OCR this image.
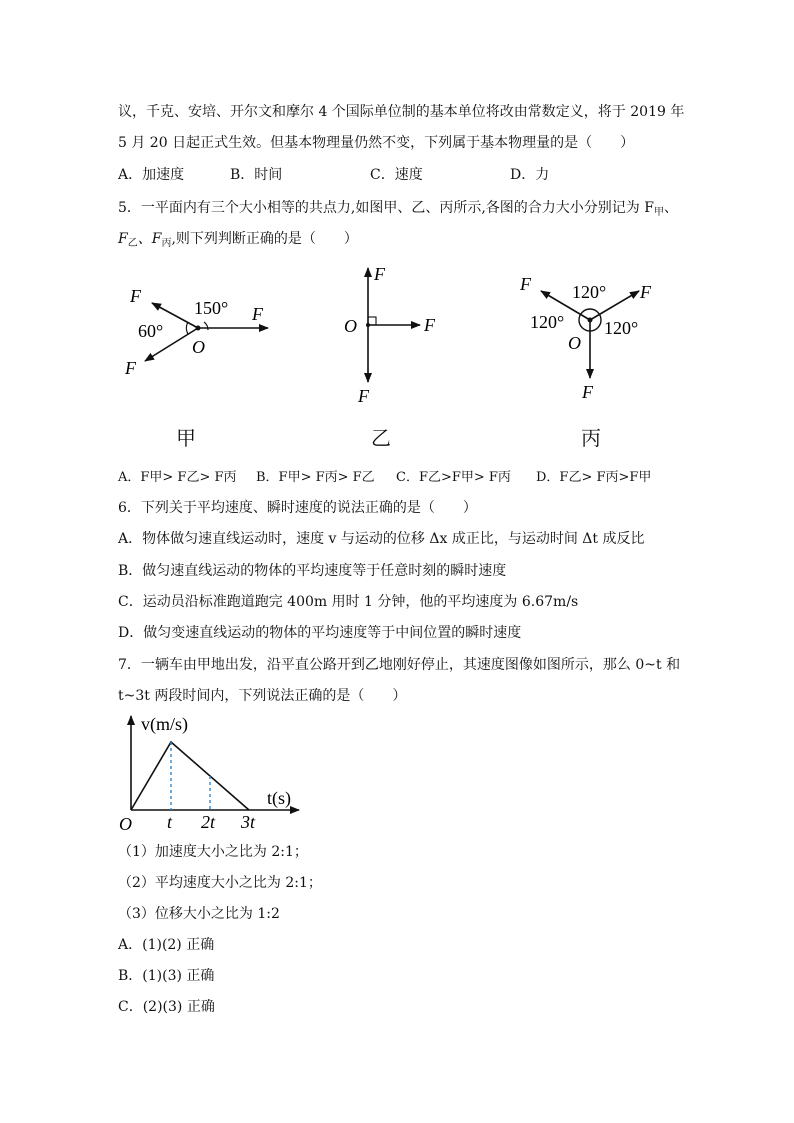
议，千克、安培、开尔文和摩尔 4 个国际单位制的基本单位将改由常数定义，将于 2019 年
5 月 20 日起正式生效。但基本物理量仍然不变，下列属于基本物理量的是（　　）
A．加速度	B．时间	C．速度	D．力
5．一平面内有三个大小相等的共点力,如图甲、乙、丙所示,各图的合力大小分别记为 $F_甲$、
$F_乙$、$F_丙$,则下列判断正确的是（　　）
F
F
F
150°
60°
O
甲
F
F
F
O
乙
F	F
F
120°
120° 120°
O
丙
A．F甲> F乙> F丙 B．F甲> F丙> F乙 C．F乙>F甲> F丙 D．F乙> F丙>F甲
6．下列关于平均速度、瞬时速度的说法正确的是（　　）
A．物体做匀速直线运动时，速度 v 与运动的位移 Δx 成正比，与运动时间 Δt 成反比
B．做匀速直线运动的物体的平均速度等于任意时刻的瞬时速度
C．运动员沿标准跑道跑完 400m 用时 1 分钟，他的平均速度为 6.67m/s
D．做匀变速直线运动的物体的平均速度等于中间位置的瞬时速度
7．一辆车由甲地出发，沿平直公路开到乙地刚好停止，其速度图像如图所示，那么 0~t 和
t~3t 两段时间内，下列说法正确的是（　　）
v(m/s)
t(s)
O t 2t 3t
（1）加速度大小之比为 2:1；
（2）平均速度大小之比为 2:1；
（3）位移大小之比为 1:2
A．(1)(2) 正确
B．(1)(3) 正确
C．(2)(3) 正确
